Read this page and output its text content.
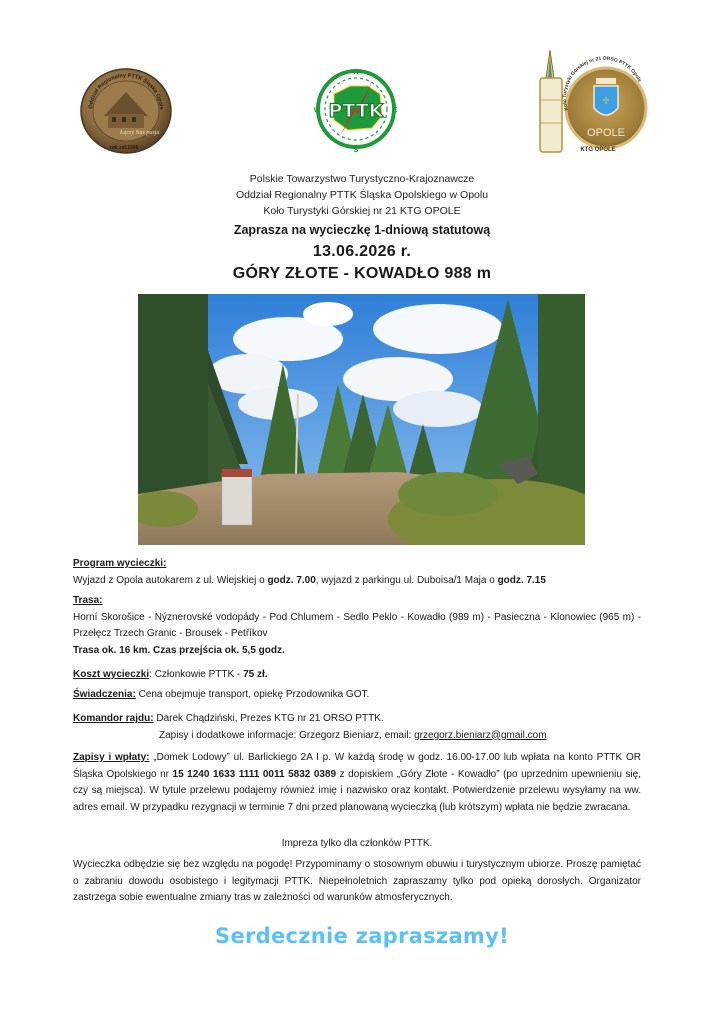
Łączy Nas pasja
Oddział Regionalny PTTK Śląska Opols
rok zał.1998
N
E
S
W PTTK	♱
Koło Turystyki Górskiej nr 21 ORSO PTTK Opole
OPOLE
KTG OPOLE
Polskie Towarzystwo Turystyczno-Krajoznawcze
Oddział Regionalny PTTK Śląska Opolskiego w Opolu
Koło Turystyki Górskiej nr 21 KTG OPOLE
Zaprasza na wycieczkę 1-dniową statutową
13.06.2026 r.
GÓRY ZŁOTE - KOWADŁO 988 m
Program wycieczki:
Wyjazd z Opola autokarem z ul. Wiejskiej o godz. 7.00, wyjazd z parkingu ul. Duboisa/1 Maja o godz. 7.15
Trasa:
Horní Skorošice - Nýznerovské vodopády - Pod Chlumem - Sedlo Peklo - Kowadło (989 m) - Pasieczna - Klonowiec (965 m) - Przełęcz Trzech Granic - Brousek - Petříkov
Trasa ok. 16 km. Czas przejścia ok. 5,5 godz.
Koszt wycieczki: Członkowie PTTK - 75 zł.
Świadczenia: Cena obejmuje transport, opiekę Przodownika GOT.
Komandor rajdu: Darek Chądziński, Prezes KTG nr 21 ORSO PTTK.
Zapisy i dodatkowe informacje: Grzegorz Bieniarz, email: grzegorz.bieniarz@gmail.com
Zapisy i wpłaty: „Domek Lodowy” ul. Barlickiego 2A I p. W każdą środę w godz. 16.00-17.00 lub wpłata na konto PTTK OR Śląska Opolskiego nr 15 1240 1633 1111 0011 5832 0389 z dopiskiem „Góry Złote - Kowadło” (po uprzednim upewnieniu się, czy są miejsca). W tytule przelewu podajemy również imię i nazwisko oraz kontakt. Potwierdzenie przelewu wysyłamy na ww. adres email. W przypadku rezygnacji w terminie 7 dni przed planowaną wycieczką (lub krótszym) wpłata nie będzie zwracana.
Impreza tylko dla członków PTTK.
Wycieczka odbędzie się bez względu na pogodę! Przypominamy o stosownym obuwiu i turystycznym ubiorze. Proszę pamiętać o zabraniu dowodu osobistego i legitymacji PTTK. Niepełnoletnich zapraszamy tylko pod opieką dorosłych. Organizator zastrzega sobie ewentualne zmiany tras w zależności od warunków atmosferycznych.
Serdecznie zapraszamy!
